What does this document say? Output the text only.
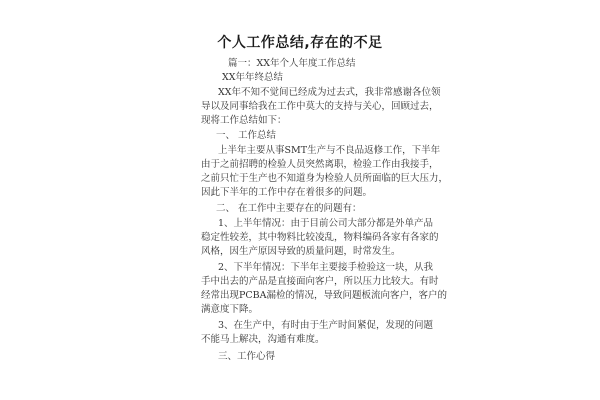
个人工作总结,存在的不足
篇一：XX年个人年度工作总结
XX年年终总结
XX年不知不觉间已经成为过去式，我非常感谢各位领
导以及同事给我在工作中莫大的支持与关心，回顾过去，
现将工作总结如下：
一、 工作总结
上半年主要从事SMT生产与不良品返修工作，下半年
由于之前招聘的检验人员突然离职，检验工作由我接手，
之前只忙于生产也不知道身为检验人员所面临的巨大压力，
因此下半年的工作中存在着很多的问题。
二、 在工作中主要存在的问题有：
1、上半年情况：由于目前公司大部分都是外单产品
稳定性较差，其中物料比较凌乱，物料编码各家有各家的
风格，因生产原因导致的质量问题，时常发生。
2、下半年情况：下半年主要接手检验这一块，从我
手中出去的产品是直接面向客户，所以压力比较大。有时
经常出现PCBA漏检的情况，导致问题板流向客户，客户的
满意度下降。
3、在生产中，有时由于生产时间紧促，发现的问题
不能马上解决，沟通有难度。
三、工作心得
